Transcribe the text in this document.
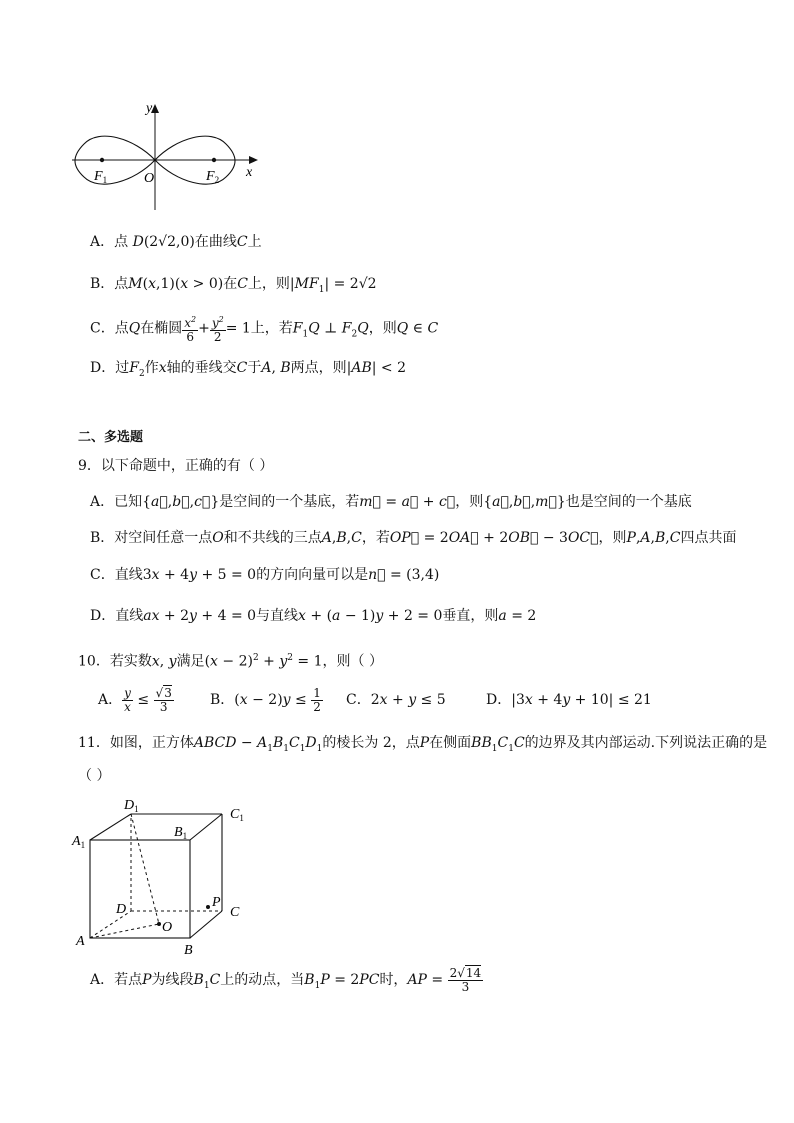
y
x
O
$F_1$	$F_2$
A．点 D(2√2,0)在曲线C上
B．点M(x,1)(x > 0)在C上，则$|MF_1| = 2√2$
C．点Q在椭圆 $\frac{x^2}{6} + \frac{y^2}{2} = 1$上，若$F_1Q$ ⊥ $F_2Q$，则Q ∈ C
D．过$F_2$作x轴的垂线交C于A, B两点，则|AB| < 2
二、多选题
9．以下命题中，正确的有（ ）
A．已知{a⃗,b⃗,c⃗}是空间的一个基底，若m⃗ = a⃗ + c⃗，则{a⃗,b⃗,m⃗}也是空间的一个基底
B．对空间任意一点O和不共线的三点A,B,C，若OP⃗ = 2OA⃗ + 2OB⃗ − 3OC⃗，则P,A,B,C四点共面
C．直线3x + 4y + 5 = 0的方向向量可以是n⃗ = (3,4)
D．直线ax + 2y + 4 = 0与直线x + (a − 1)y + 2 = 0垂直，则a = 2
10．若实数x, y满足$(x - 2)^2 + y^2 = 1$，则（ ）
A． $\frac{y}{x} \le \frac{√3}{3}$	B．$(x - 2)y \le \frac{1}{2}$ C．2x + y ≤ 5	D．|3x + 4y + 10| ≤ 21
11．如图，正方体ABCD − $A_1B_1C_1D_1$的棱长为 2，点P在侧面$BB_1C_1C$的边界及其内部运动.下列说法正确的是
（ ）
$D_1$	$C_1$
$B_1$
$A_1$
D	C
P
O
A
B
A．若点P为线段$B_1C$上的动点，当$B_1P = 2PC$时，AP = $\frac{2√14}{3}$
